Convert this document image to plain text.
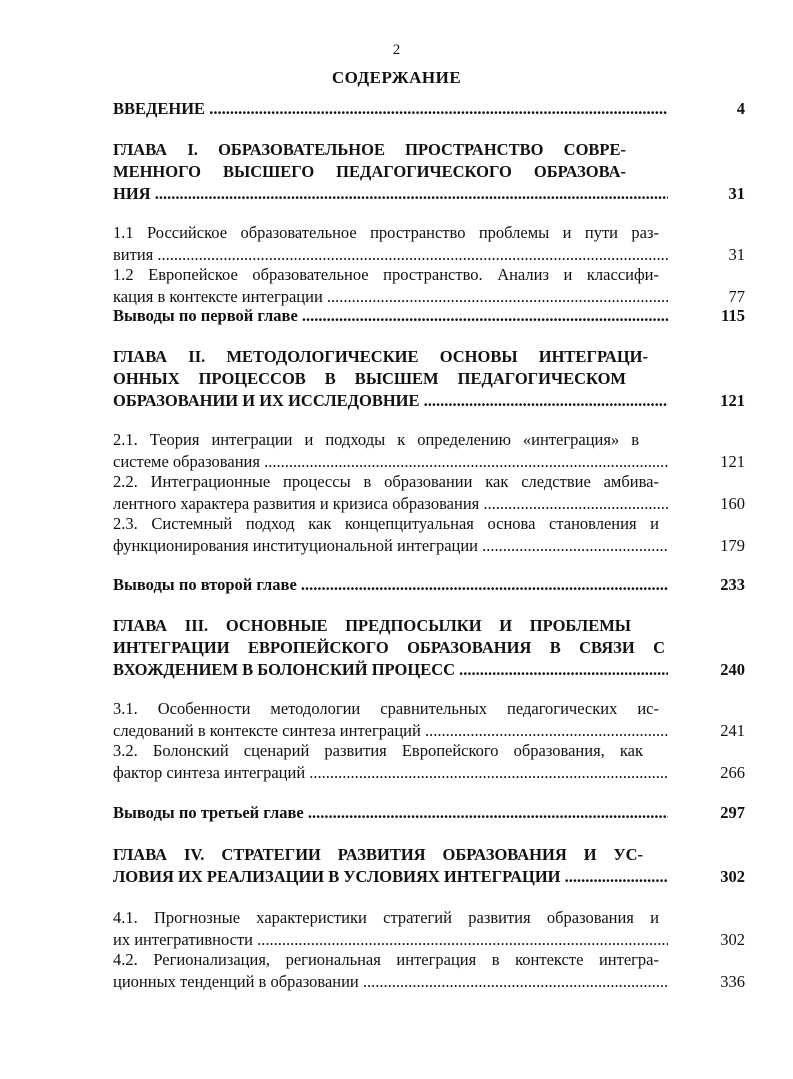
2
СОДЕРЖАНИЕ
ВВЕДЕНИЕ .....	4
ГЛАВА I. ОБРАЗОВАТЕЛЬНОЕ ПРОСТРАНСТВО СОВРЕ-
МЕННОГО ВЫСШЕГО ПЕДАГОГИЧЕСКОГО ОБРАЗОВА-
НИЯ .....	31
1.1 Российское образовательное пространство проблемы и пути раз-
вития .....	31
1.2 Европейское образовательное пространство. Анализ и классифи-
кация в контексте интеграции .....	77
Выводы по первой главе .....	115
ГЛАВА II. МЕТОДОЛОГИЧЕСКИЕ ОСНОВЫ ИНТЕГРАЦИ-
ОННЫХ ПРОЦЕССОВ В ВЫСШЕМ ПЕДАГОГИЧЕСКОМ
ОБРАЗОВАНИИ И ИХ ИССЛЕДОВНИЕ .....	121
2.1. Теория интеграции и подходы к определению «интеграция» в
системе образования .....	121
2.2. Интеграционные процессы в образовании как следствие амбива-
лентного характера развития и кризиса образования .....	160
2.3. Системный подход как концепцитуальная основа становления и
функционирования институциональной интеграции .....	179
Выводы по второй главе .....	233
ГЛАВА III. ОСНОВНЫЕ ПРЕДПОСЫЛКИ И ПРОБЛЕМЫ
ИНТЕГРАЦИИ ЕВРОПЕЙСКОГО ОБРАЗОВАНИЯ В СВЯЗИ С
ВХОЖДЕНИЕМ В БОЛОНСКИЙ ПРОЦЕСС .....	240
3.1. Особенности методологии сравнительных педагогических ис-
следований в контексте синтеза интеграций .....	241
3.2. Болонский сценарий развития Европейского образования, как
фактор синтеза интеграций .....	266
Выводы по третьей главе .....	297
ГЛАВА IV. СТРАТЕГИИ РАЗВИТИЯ ОБРАЗОВАНИЯ И УС-
ЛОВИЯ ИХ РЕАЛИЗАЦИИ В УСЛОВИЯХ ИНТЕГРАЦИИ .....	302
4.1. Прогнозные характеристики стратегий развития образования и
их интегративности .....	302
4.2. Регионализация, региональная интеграция в контексте интегра-
ционных тенденций в образовании .....	336
